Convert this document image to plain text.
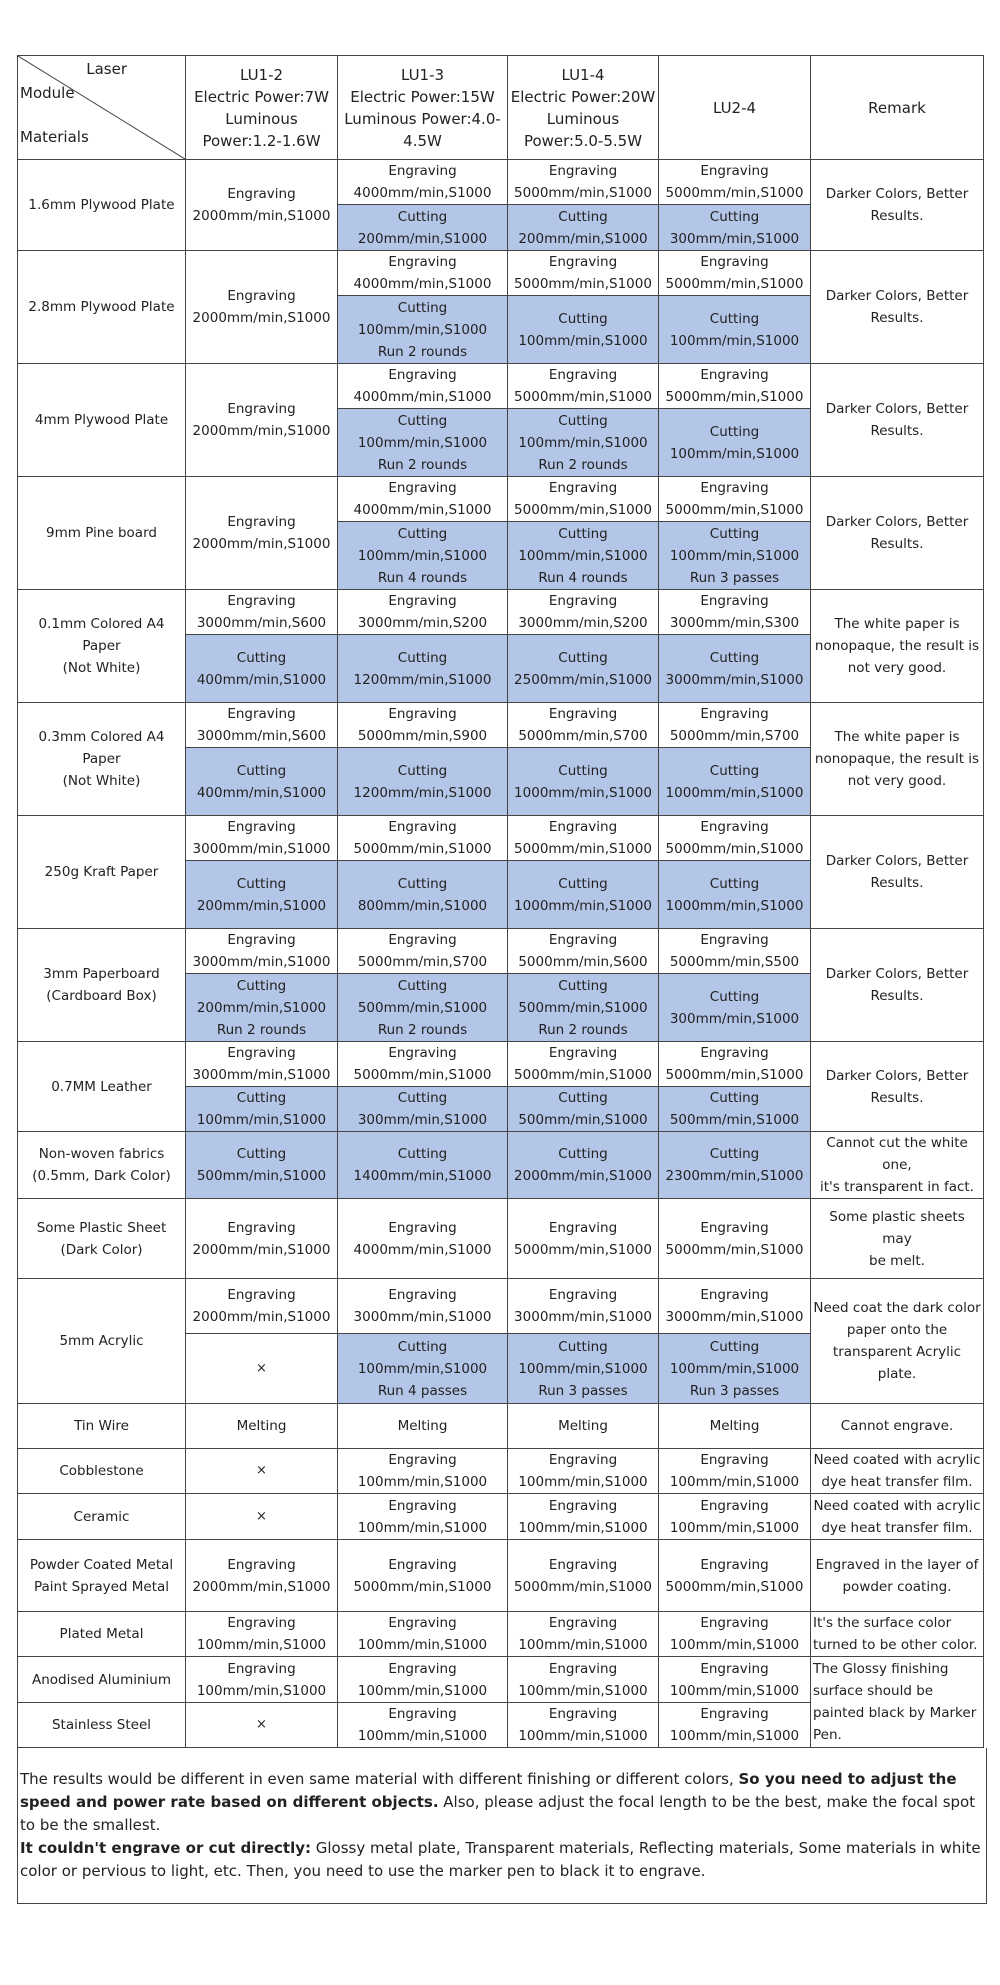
Laser
Module
Materials	LU1-2
Electric Power:7W
Luminous
Power:1.2-1.6W	LU1-3
Electric Power:15W
Luminous Power:4.0-
4.5W	LU1-4
Electric Power:20W
Luminous
Power:5.0-5.5W	LU2-4	Remark
1.6mm Plywood Plate	Engraving
2000mm/min,S1000	Engraving
4000mm/min,S1000	Engraving
5000mm/min,S1000	Engraving
5000mm/min,S1000	Darker Colors, Better
Results.
		Cutting
200mm/min,S1000	Cutting
200mm/min,S1000	Cutting
300mm/min,S1000	
2.8mm Plywood Plate	Engraving
2000mm/min,S1000	Engraving
4000mm/min,S1000	Engraving
5000mm/min,S1000	Engraving
5000mm/min,S1000	Darker Colors, Better
Results.
		Cutting
100mm/min,S1000
Run 2 rounds	Cutting
100mm/min,S1000	Cutting
100mm/min,S1000	
4mm Plywood Plate	Engraving
2000mm/min,S1000	Engraving
4000mm/min,S1000	Engraving
5000mm/min,S1000	Engraving
5000mm/min,S1000	Darker Colors, Better
Results.
		Cutting
100mm/min,S1000
Run 2 rounds	Cutting
100mm/min,S1000
Run 2 rounds	Cutting
100mm/min,S1000	
9mm Pine board	Engraving
2000mm/min,S1000	Engraving
4000mm/min,S1000	Engraving
5000mm/min,S1000	Engraving
5000mm/min,S1000	Darker Colors, Better
Results.
		Cutting
100mm/min,S1000
Run 4 rounds	Cutting
100mm/min,S1000
Run 4 rounds	Cutting
100mm/min,S1000
Run 3 passes	
0.1mm Colored A4
Paper
(Not White)	Engraving
3000mm/min,S600	Engraving
3000mm/min,S200	Engraving
3000mm/min,S200	Engraving
3000mm/min,S300	The white paper is
nonopaque, the result is
not very good.
	Cutting
400mm/min,S1000	Cutting
1200mm/min,S1000	Cutting
2500mm/min,S1000	Cutting
3000mm/min,S1000	
0.3mm Colored A4
Paper
(Not White)	Engraving
3000mm/min,S600	Engraving
5000mm/min,S900	Engraving
5000mm/min,S700	Engraving
5000mm/min,S700	The white paper is
nonopaque, the result is
not very good.
	Cutting
400mm/min,S1000	Cutting
1200mm/min,S1000	Cutting
1000mm/min,S1000	Cutting
1000mm/min,S1000	
250g Kraft Paper	Engraving
3000mm/min,S1000	Engraving
5000mm/min,S1000	Engraving
5000mm/min,S1000	Engraving
5000mm/min,S1000	Darker Colors, Better
Results.
	Cutting
200mm/min,S1000	Cutting
800mm/min,S1000	Cutting
1000mm/min,S1000	Cutting
1000mm/min,S1000	
3mm Paperboard
(Cardboard Box)	Engraving
3000mm/min,S1000	Engraving
5000mm/min,S700	Engraving
5000mm/min,S600	Engraving
5000mm/min,S500	Darker Colors, Better
Results.
	Cutting
200mm/min,S1000
Run 2 rounds	Cutting
500mm/min,S1000
Run 2 rounds	Cutting
500mm/min,S1000
Run 2 rounds	Cutting
300mm/min,S1000	
0.7MM Leather	Engraving
3000mm/min,S1000	Engraving
5000mm/min,S1000	Engraving
5000mm/min,S1000	Engraving
5000mm/min,S1000	Darker Colors, Better
Results.
	Cutting
100mm/min,S1000	Cutting
300mm/min,S1000	Cutting
500mm/min,S1000	Cutting
500mm/min,S1000	
Non-woven fabrics
(0.5mm, Dark Color)	Cutting
500mm/min,S1000	Cutting
1400mm/min,S1000	Cutting
2000mm/min,S1000	Cutting
2300mm/min,S1000	Cannot cut the white one,
it's transparent in fact.
Some Plastic Sheet
(Dark Color)	Engraving
2000mm/min,S1000	Engraving
4000mm/min,S1000	Engraving
5000mm/min,S1000	Engraving
5000mm/min,S1000	Some plastic sheets may
be melt.
5mm Acrylic	Engraving
2000mm/min,S1000	Engraving
3000mm/min,S1000	Engraving
3000mm/min,S1000	Engraving
3000mm/min,S1000	Need coat the dark color
paper onto the
transparent Acrylic plate.
	×	Cutting
100mm/min,S1000
Run 4 passes	Cutting
100mm/min,S1000
Run 3 passes	Cutting
100mm/min,S1000
Run 3 passes	
Tin Wire	Melting	Melting	Melting	Melting	Cannot engrave.
Cobblestone	×	Engraving
100mm/min,S1000	Engraving
100mm/min,S1000	Engraving
100mm/min,S1000	Need coated with acrylic
dye heat transfer film.
Ceramic	×	Engraving
100mm/min,S1000	Engraving
100mm/min,S1000	Engraving
100mm/min,S1000	Need coated with acrylic
dye heat transfer film.
Powder Coated Metal
Paint Sprayed Metal	Engraving
2000mm/min,S1000	Engraving
5000mm/min,S1000	Engraving
5000mm/min,S1000	Engraving
5000mm/min,S1000	Engraved in the layer of
powder coating.
Plated Metal	Engraving
100mm/min,S1000	Engraving
100mm/min,S1000	Engraving
100mm/min,S1000	Engraving
100mm/min,S1000	It's the surface color
turned to be other color.
Anodised Aluminium	Engraving
100mm/min,S1000	Engraving
100mm/min,S1000	Engraving
100mm/min,S1000	Engraving
100mm/min,S1000	The Glossy finishing
surface should be
painted black by Marker
Pen.
Stainless Steel	×	Engraving
100mm/min,S1000	Engraving
100mm/min,S1000	Engraving
100mm/min,S1000	
The results would be different in even same material with different finishing or different colors, So you need to adjust the speed and power rate based on different objects. Also, please adjust the focal length to be the best, make the focal spot to be the smallest.
It couldn't engrave or cut directly: Glossy metal plate, Transparent materials, Reflecting materials, Some materials in white color or pervious to light, etc. Then, you need to use the marker pen to black it to engrave.
